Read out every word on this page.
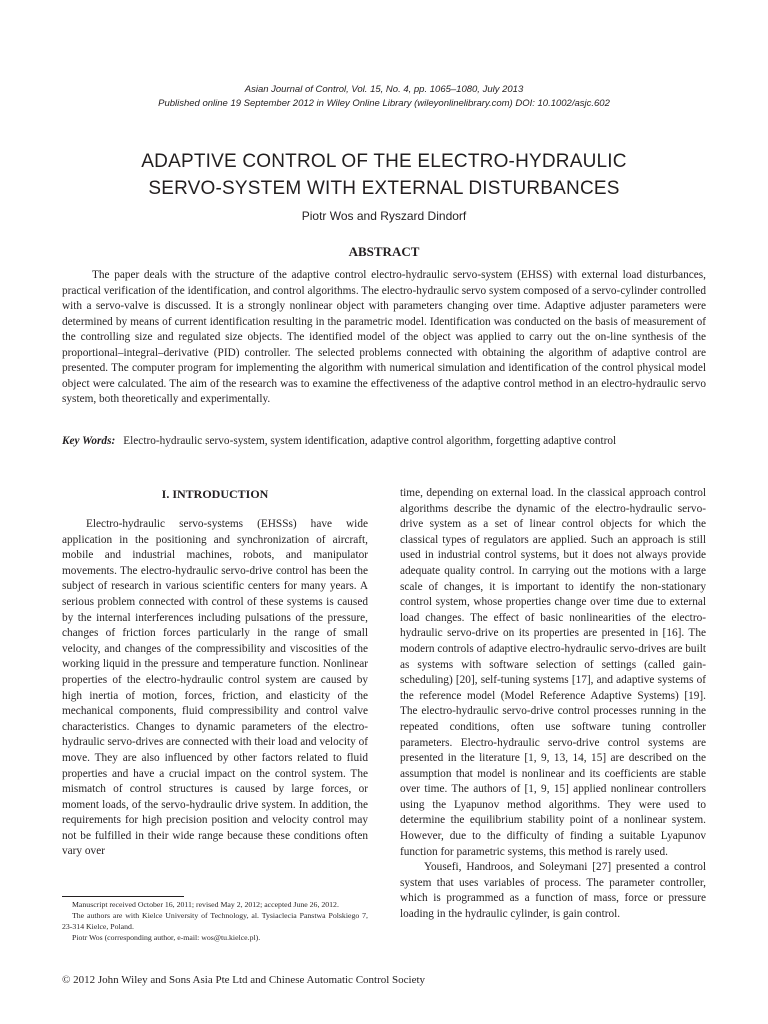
Asian Journal of Control, Vol. 15, No. 4, pp. 1065–1080, July 2013
Published online 19 September 2012 in Wiley Online Library (wileyonlinelibrary.com) DOI: 10.1002/asjc.602
ADAPTIVE CONTROL OF THE ELECTRO-HYDRAULIC
SERVO-SYSTEM WITH EXTERNAL DISTURBANCES
Piotr Wos and Ryszard Dindorf
ABSTRACT

The paper deals with the structure of the adaptive control electro-hydraulic servo-system (EHSS) with external load disturbances, practical verification of the identification, and control algorithms. The electro-hydraulic servo system composed of a servo-cylinder controlled with a servo-valve is discussed. It is a strongly nonlinear object with parameters changing over time. Adaptive adjuster parameters were determined by means of current identification resulting in the parametric model. Identification was conducted on the basis of measurement of the controlling size and regulated size objects. The identified model of the object was applied to carry out the on-line synthesis of the proportional–integral–derivative (PID) controller. The selected problems connected with obtaining the algorithm of adaptive control are presented. The computer program for implementing the algorithm with numerical simulation and identification of the control physical model object were calculated. The aim of the research was to examine the effectiveness of the adaptive control method in an electro-hydraulic servo system, both theoretically and experimentally.

Key Words: Electro-hydraulic servo-system, system identification, adaptive control algorithm, forgetting adaptive control

I. INTRODUCTION

Electro-hydraulic servo-systems (EHSSs) have wide application in the positioning and synchronization of aircraft, mobile and industrial machines, robots, and manipulator movements. The electro-hydraulic servo-drive control has been the subject of research in various scientific centers for many years. A serious problem connected with control of these systems is caused by the internal interferences including pulsations of the pressure, changes of friction forces particularly in the range of small velocity, and changes of the compressibility and viscosities of the working liquid in the pressure and temperature function. Nonlinear properties of the electro-hydraulic control system are caused by high inertia of motion, forces, friction, and elasticity of the mechanical components, fluid compressibility and control valve characteristics. Changes to dynamic parameters of the electro-hydraulic servo-drives are connected with their load and velocity of move. They are also influenced by other factors related to fluid properties and have a crucial impact on the control system. The mismatch of control structures is caused by large forces, or moment loads, of the servo-hydraulic drive system. In addition, the requirements for high precision position and velocity control may not be fulfilled in their wide range because these conditions often vary over

time, depending on external load. In the classical approach control algorithms describe the dynamic of the electro-hydraulic servo-drive system as a set of linear control objects for which the classical types of regulators are applied. Such an approach is still used in industrial control systems, but it does not always provide adequate quality control. In carrying out the motions with a large scale of changes, it is important to identify the non-stationary control system, whose properties change over time due to external load changes. The effect of basic nonlinearities of the electro-hydraulic servo-drive on its properties are presented in [16]. The modern controls of adaptive electro-hydraulic servo-drives are built as systems with software selection of settings (called gain-scheduling) [20], self-tuning systems [17], and adaptive systems of the reference model (Model Reference Adaptive Systems) [19]. The electro-hydraulic servo-drive control processes running in the repeated conditions, often use software tuning controller parameters. Electro-hydraulic servo-drive control systems are presented in the literature [1, 9, 13, 14, 15] are described on the assumption that model is nonlinear and its coefficients are stable over time. The authors of [1, 9, 15] applied nonlinear controllers using the Lyapunov method algorithms. They were used to determine the equilibrium stability point of a nonlinear system. However, due to the difficulty of finding a suitable Lyapunov function for parametric systems, this method is rarely used.

Yousefi, Handroos, and Soleymani [27] presented a control system that uses variables of process. The parameter controller, which is programmed as a function of mass, force or pressure loading in the hydraulic cylinder, is gain control.

Manuscript received October 16, 2011; revised May 2, 2012; accepted June 26, 2012.

The authors are with Kielce University of Technology, al. Tysiaclecia Panstwa Polskiego 7, 23-314 Kielce, Poland.

Piotr Wos (corresponding author, e-mail: wos@tu.kielce.pl).

© 2012 John Wiley and Sons Asia Pte Ltd and Chinese Automatic Control Society
